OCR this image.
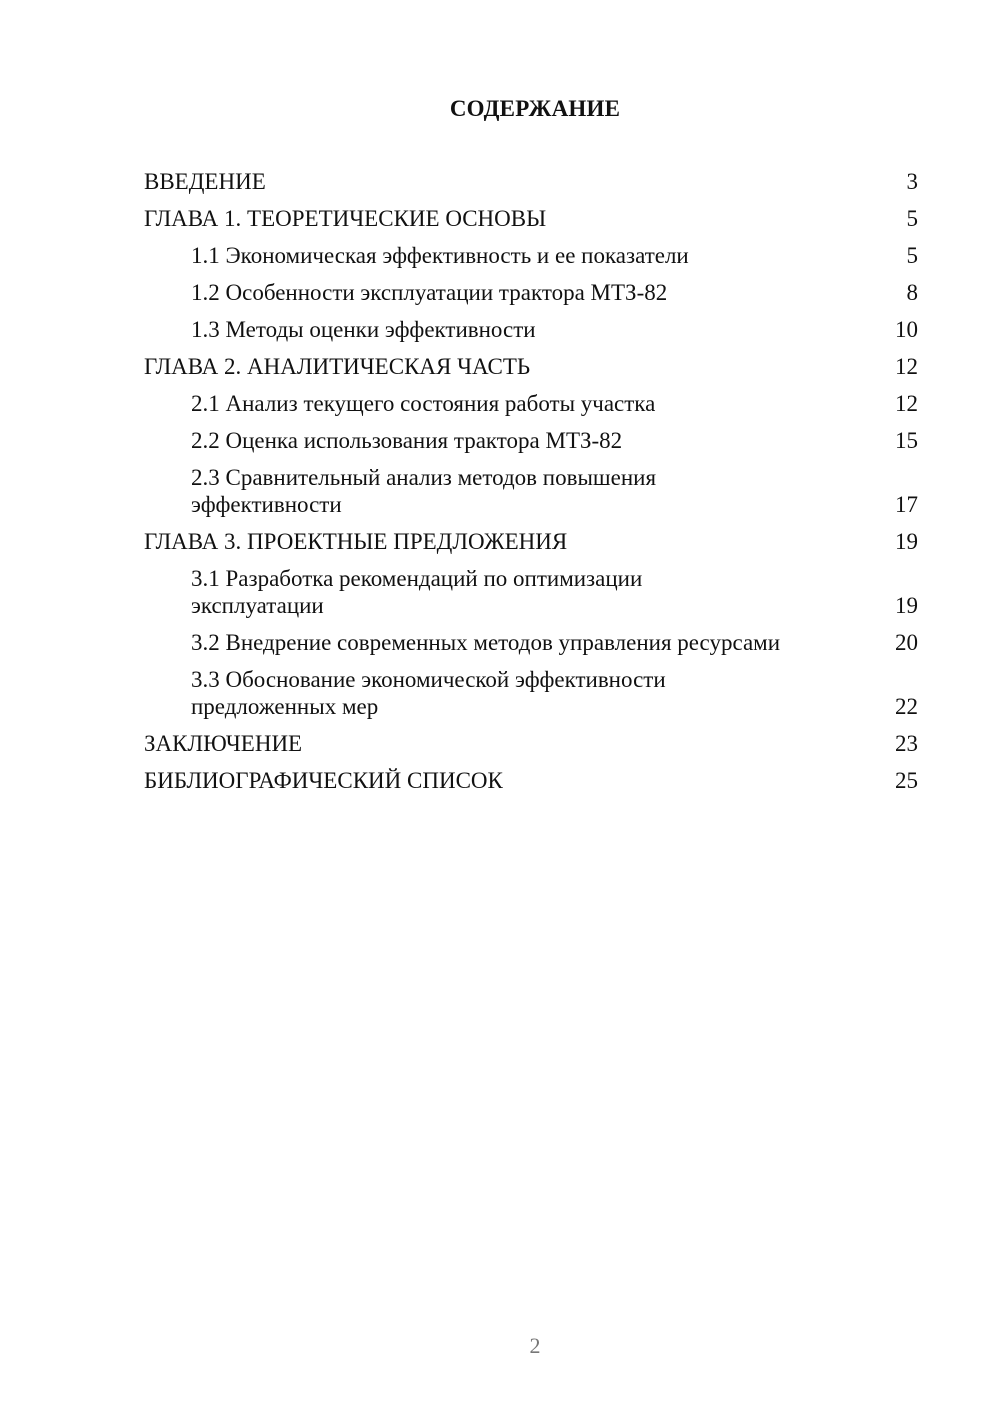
СОДЕРЖАНИЕ
ВВЕДЕНИЕ	3
ГЛАВА 1. ТЕОРЕТИЧЕСКИЕ ОСНОВЫ	5
1.1 Экономическая эффективность и ее показатели	5
1.2 Особенности эксплуатации трактора МТЗ-82	8
1.3 Методы оценки эффективности	10
ГЛАВА 2. АНАЛИТИЧЕСКАЯ ЧАСТЬ	12
2.1 Анализ текущего состояния работы участка	12
2.2 Оценка использования трактора МТЗ-82	15
2.3 Сравнительный анализ методов повышения эффективности	17
ГЛАВА 3. ПРОЕКТНЫЕ ПРЕДЛОЖЕНИЯ	19
3.1 Разработка рекомендаций по оптимизации эксплуатации	19
3.2 Внедрение современных методов управления ресурсами	20
3.3 Обоснование экономической эффективности предложенных мер	22
ЗАКЛЮЧЕНИЕ	23
БИБЛИОГРАФИЧЕСКИЙ СПИСОК	25
2
